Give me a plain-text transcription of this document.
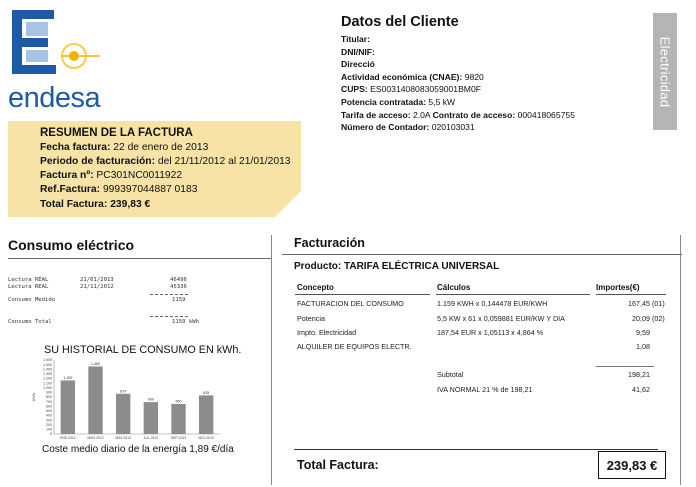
endesa
RESUMEN DE LA FACTURA
Fecha factura: 22 de enero de 2013
Periodo de facturación: del 21/11/2012 al 21/01/2013
Factura nº: PC301NC0011922
Ref.Factura: 999397044887 0183
Total Factura: 239,83 €
Datos del Cliente
Titular:
DNI/NIF:
Direcció
Actividad económica (CNAE): 9820
CUPS: ES0031408083059001BM0F
Potencia contratada: 5,5 kW
Tarifa de acceso: 2.0A Contrato de acceso: 000418065755
Número de Contador: 020103031
Electricidad
Consumo eléctrico
Lectura REAL	21/01/2013	46496
Lectura REAL	21/11/2012	45336
Consumo Medido	1159
Consumo Total	1159 kWh
SU HISTORIAL DE CONSUMO EN kWh.
kWh
1.600
1.500
1.400
1.300
1.200
1.100
1.000
900
800
700
600
500
400
300
200
100
0
1.159
ENE-2012
1.460
MAR-2012
870
MAY-2012
690
JUL-2012
650
SEP-2012
835
NOV-2012
Coste medio diario de la energía 1,89 €/día
Facturación
Producto: TARIFA ELÉCTRICA UNIVERSAL
Concepto	Cálculos	Importes(€)
FACTURACION DEL CONSUMO	1.159 KWH x 0,144478 EUR/KWH	167,45 (01)
Potencia	5,5 KW x 61 x 0,059881 EUR/KW Y DIA	20,09 (02)
Impto. Electricidad	187,54 EUR x 1,05113 x 4,864 %	9,59
ALQUILER DE EQUIPOS ELECTR.	1,08
Subtotal	198,21
IVA NORMAL 21 % de 198,21	41,62
Total Factura:	239,83 €
